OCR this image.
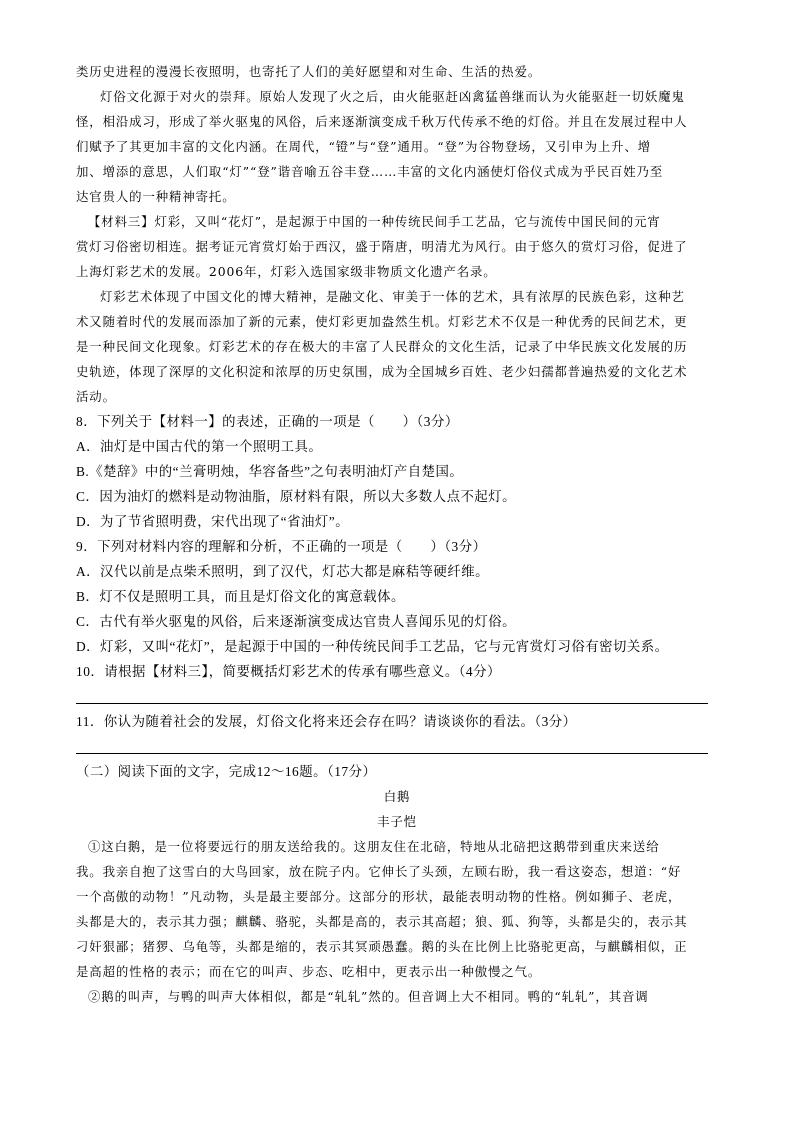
类历史进程的漫漫长夜照明，也寄托了人们的美好愿望和对生命、生活的热爱。
灯俗文化源于对火的崇拜。原始人发现了火之后，由火能驱赶凶禽猛兽继而认为火能驱赶一切妖魔鬼
怪，相沿成习，形成了举火驱鬼的风俗，后来逐渐演变成千秋万代传承不绝的灯俗。并且在发展过程中人
们赋予了其更加丰富的文化内涵。在周代，“镫”与“登”通用。“登”为谷物登场，又引申为上升、增
加、增添的意思，人们取“灯”“登”谐音喻五谷丰登……丰富的文化内涵使灯俗仪式成为乎民百姓乃至
达官贵人的一种精神寄托。
【材料三】灯彩，又叫“花灯”，是起源于中国的一种传统民间手工艺品，它与流传中国民间的元宵
赏灯习俗密切相连。据考证元宵赏灯始于西汉，盛于隋唐，明清尤为风行。由于悠久的赏灯习俗，促进了
上海灯彩艺术的发展。2006年，灯彩入选国家级非物质文化遗产名录。
灯彩艺术体现了中国文化的博大精神，是融文化、审美于一体的艺术，具有浓厚的民族色彩，这种艺
术又随着时代的发展而添加了新的元素，使灯彩更加盎然生机。灯彩艺术不仅是一种优秀的民间艺术，更
是一种民间文化现象。灯彩艺术的存在极大的丰富了人民群众的文化生活，记录了中华民族文化发展的历
史轨迹，体现了深厚的文化积淀和浓厚的历史氛围，成为全国城乡百姓、老少妇孺都普遍热爱的文化艺术
活动。
8．下列关于【材料一】的表述，正确的一项是（　　）（3分）
A．油灯是中国古代的第一个照明工具。
B.《楚辞》中的“兰膏明烛，华容备些”之句表明油灯产自楚国。
C．因为油灯的燃料是动物油脂，原材料有限，所以大多数人点不起灯。
D．为了节省照明费，宋代出现了“省油灯”。
9．下列对材料内容的理解和分析，不正确的一项是（　　）（3分）
A．汉代以前是点柴禾照明，到了汉代，灯芯大都是麻秸等硬纤维。
B．灯不仅是照明工具，而且是灯俗文化的寓意载体。
C．古代有举火驱鬼的风俗，后来逐渐演变成达官贵人喜闻乐见的灯俗。
D．灯彩，又叫“花灯”，是起源于中国的一种传统民间手工艺品，它与元宵赏灯习俗有密切关系。
10．请根据【材料三】，简要概括灯彩艺术的传承有哪些意义。（4分）
11．你认为随着社会的发展，灯俗文化将来还会存在吗？请谈谈你的看法。（3分）
（二）阅读下面的文字，完成12～16题。（17分）
白鹅
丰子恺
①这白鹅，是一位将要远行的朋友送给我的。这朋友住在北碚，特地从北碚把这鹅带到重庆来送给
我。我亲自抱了这雪白的大鸟回家，放在院子内。它伸长了头颈，左顾右盼，我一看这姿态，想道：“好
一个高傲的动物！”凡动物，头是最主要部分。这部分的形状，最能表明动物的性格。例如狮子、老虎，
头都是大的，表示其力强；麒麟、骆驼，头都是高的，表示其高超；狼、狐、狗等，头都是尖的，表示其
刁奸狠鄙；猪猡、乌龟等，头都是缩的，表示其冥顽愚蠢。鹅的头在比例上比骆驼更高，与麒麟相似，正
是高超的性格的表示；而在它的叫声、步态、吃相中，更表示出一种傲慢之气。
②鹅的叫声，与鸭的叫声大体相似，都是“轧轧”然的。但音调上大不相同。鸭的“轧轧”，其音调
